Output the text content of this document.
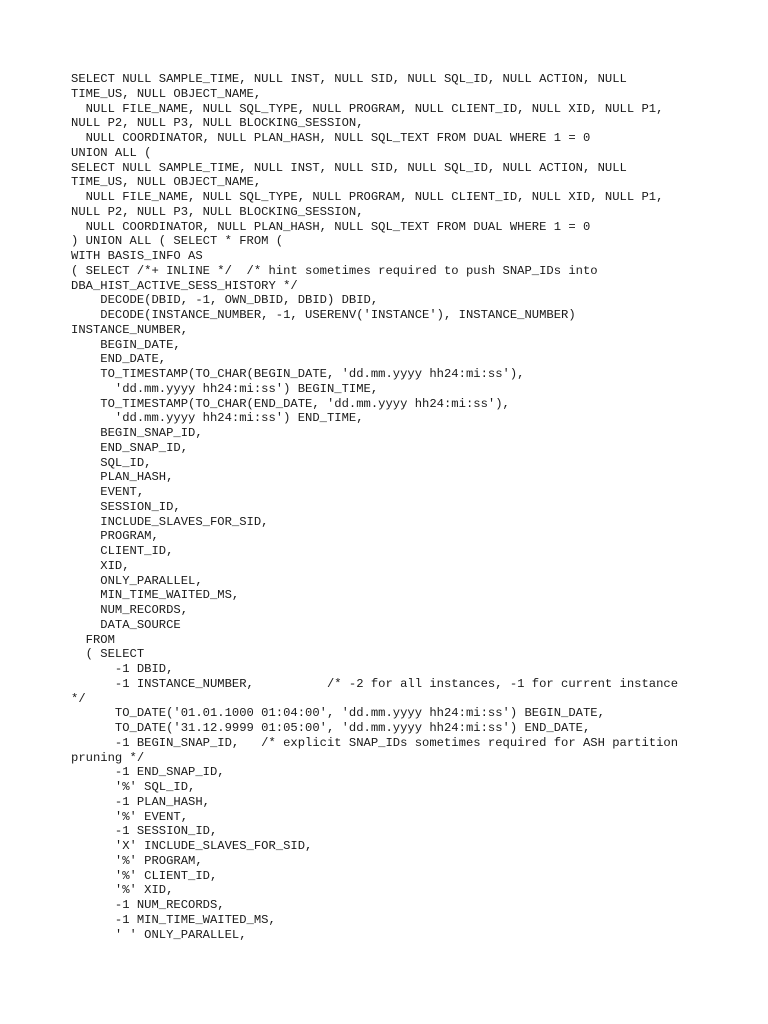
SELECT NULL SAMPLE_TIME, NULL INST, NULL SID, NULL SQL_ID, NULL ACTION, NULL
TIME_US, NULL OBJECT_NAME,
NULL FILE_NAME, NULL SQL_TYPE, NULL PROGRAM, NULL CLIENT_ID, NULL XID, NULL P1,
NULL P2, NULL P3, NULL BLOCKING_SESSION,
NULL COORDINATOR, NULL PLAN_HASH, NULL SQL_TEXT FROM DUAL WHERE 1 = 0
UNION ALL (
SELECT NULL SAMPLE_TIME, NULL INST, NULL SID, NULL SQL_ID, NULL ACTION, NULL
TIME_US, NULL OBJECT_NAME,
NULL FILE_NAME, NULL SQL_TYPE, NULL PROGRAM, NULL CLIENT_ID, NULL XID, NULL P1,
NULL P2, NULL P3, NULL BLOCKING_SESSION,
NULL COORDINATOR, NULL PLAN_HASH, NULL SQL_TEXT FROM DUAL WHERE 1 = 0
) UNION ALL ( SELECT * FROM (
WITH BASIS_INFO AS
( SELECT /*+ INLINE */  /* hint sometimes required to push SNAP_IDs into
DBA_HIST_ACTIVE_SESS_HISTORY */
DECODE(DBID, -1, OWN_DBID, DBID) DBID,
DECODE(INSTANCE_NUMBER, -1, USERENV('INSTANCE'), INSTANCE_NUMBER)
INSTANCE_NUMBER,
BEGIN_DATE,
END_DATE,
TO_TIMESTAMP(TO_CHAR(BEGIN_DATE, 'dd.mm.yyyy hh24:mi:ss'),
'dd.mm.yyyy hh24:mi:ss') BEGIN_TIME,
TO_TIMESTAMP(TO_CHAR(END_DATE, 'dd.mm.yyyy hh24:mi:ss'),
'dd.mm.yyyy hh24:mi:ss') END_TIME,
BEGIN_SNAP_ID,
END_SNAP_ID,
SQL_ID,
PLAN_HASH,
EVENT,
SESSION_ID,
INCLUDE_SLAVES_FOR_SID,
PROGRAM,
CLIENT_ID,
XID,
ONLY_PARALLEL,
MIN_TIME_WAITED_MS,
NUM_RECORDS,
DATA_SOURCE
FROM
( SELECT
-1 DBID,
-1 INSTANCE_NUMBER,          /* -2 for all instances, -1 for current instance
*/
TO_DATE('01.01.1000 01:04:00', 'dd.mm.yyyy hh24:mi:ss') BEGIN_DATE,
TO_DATE('31.12.9999 01:05:00', 'dd.mm.yyyy hh24:mi:ss') END_DATE,
-1 BEGIN_SNAP_ID,   /* explicit SNAP_IDs sometimes required for ASH partition
pruning */
-1 END_SNAP_ID,
'%' SQL_ID,
-1 PLAN_HASH,
'%' EVENT,
-1 SESSION_ID,
'X' INCLUDE_SLAVES_FOR_SID,
'%' PROGRAM,
'%' CLIENT_ID,
'%' XID,
-1 NUM_RECORDS,
-1 MIN_TIME_WAITED_MS,
' ' ONLY_PARALLEL,
